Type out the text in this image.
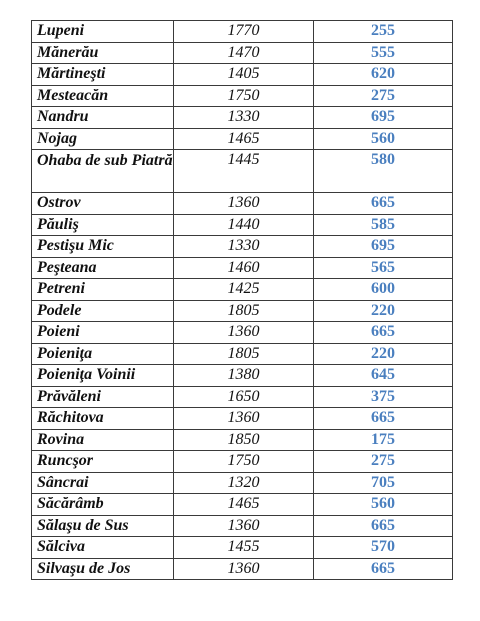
Lupeni	1770	255
Mănerău	1470	555
Mărtineşti	1405	620
Mesteacăn	1750	275
Nandru	1330	695
Nojag	1465	560
Ohaba de sub Piatră	1445	580
Ostrov	1360	665
Păuliş	1440	585
Pestişu Mic	1330	695
Peşteana	1460	565
Petreni	1425	600
Podele	1805	220
Poieni	1360	665
Poieniţa	1805	220
Poieniţa Voinii	1380	645
Prăvăleni	1650	375
Răchitova	1360	665
Rovina	1850	175
Runcşor	1750	275
Sâncrai	1320	705
Săcărâmb	1465	560
Sălaşu de Sus	1360	665
Sălciva	1455	570
Silvaşu de Jos	1360	665
